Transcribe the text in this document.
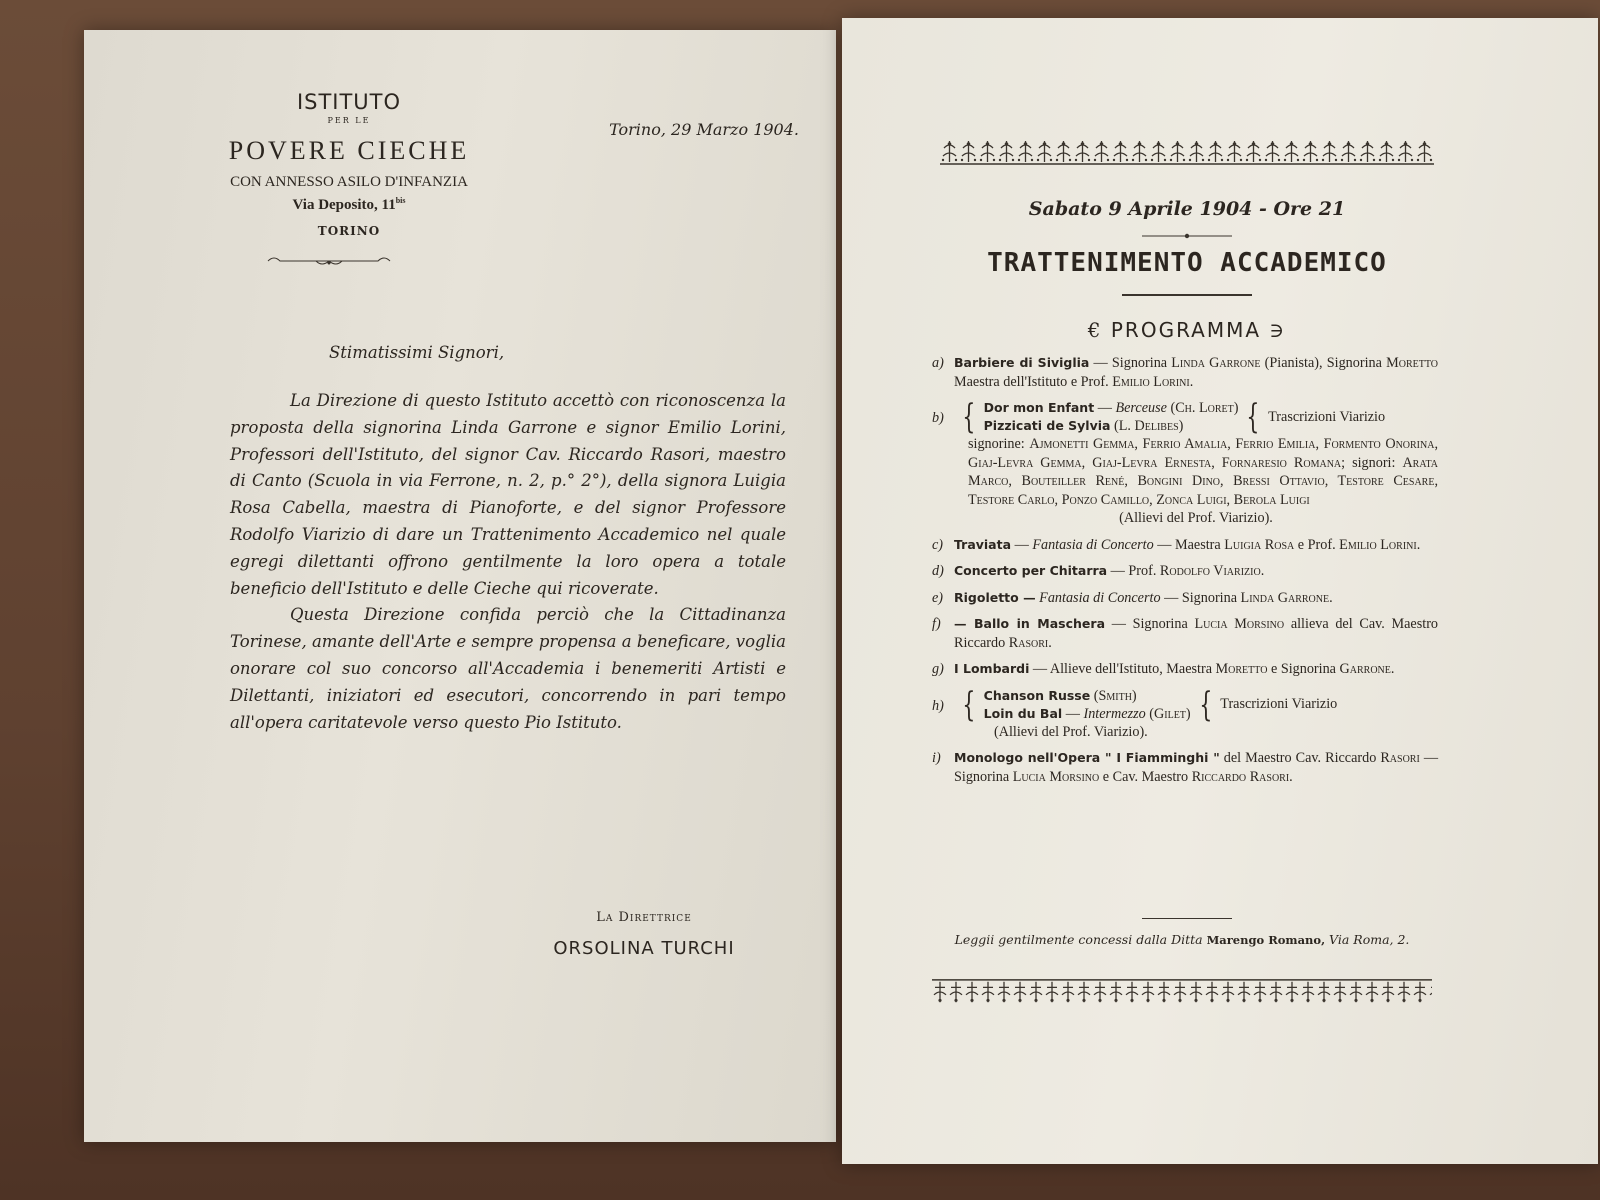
ISTITUTO
PER LE
POVERE CIECHE
CON ANNESSO ASILO D'INFANZIA
Via Deposito, $11^{bis}$
TORINO
Torino, 29 Marzo 1904.
Stimatissimi Signori,

La Direzione di questo Istituto accettò con riconoscenza la proposta della signorina Linda Garrone e signor Emilio Lorini, Professori dell'Istituto, del signor Cav. Riccardo Rasori, maestro di Canto (Scuola in via Ferrone, n. 2, p.° 2°), della signora Luigia Rosa Cabella, maestra di Pianoforte, e del signor Professore Rodolfo Viarizio di dare un Trattenimento Accademico nel quale egregi dilettanti offrono gentilmente la loro opera a totale beneficio dell'Istituto e delle Cieche qui ricoverate.

Questa Direzione confida perciò che la Cittadinanza Torinese, amante dell'Arte e sempre propensa a beneficare, voglia onorare col suo concorso all'Accademia i benemeriti Artisti e Dilettanti, iniziatori ed esecutori, concorrendo in pari tempo all'opera caritatevole verso questo Pio Istituto.

La Direttrice
ORSOLINA TURCHI
Sabato 9 Aprile 1904 - Ore 21
TRATTENIMENTO ACCADEMICO
€ PROGRAMMA ∋
a) Barbiere di Siviglia — Signorina Linda Garrone (Pianista), Signorina Moretto Maestra dell'Istituto e Prof. Emilio Lorini.
b) { Dor mon Enfant — Berceuse (Ch. Loret)
Pizzicati de Sylvia (L. Delibes)	{ Trascrizioni Viarizio
signorine: Ajmonetti Gemma, Ferrio Amalia, Ferrio Emilia, Formento Onorina, Giaj-Levra Gemma, Giaj-Levra Ernesta, Fornaresio Romana; signori: Arata Marco, Bouteiller René, Bongini Dino, Bressi Ottavio, Testore Cesare, Testore Carlo, Ponzo Camillo, Zonca Luigi, Berola Luigi
(Allievi del Prof. Viarizio).
c) Traviata — Fantasia di Concerto — Maestra Luigia Rosa e Prof. Emilio Lorini.
d) Concerto per Chitarra — Prof. Rodolfo Viarizio.
e) Rigoletto — Fantasia di Concerto — Signorina Linda Garrone.
f) — Ballo in Maschera — Signorina Lucia Morsino allieva del Cav. Maestro Riccardo Rasori.
g) I Lombardi — Allieve dell'Istituto, Maestra Moretto e Signorina Garrone.
h) { Chanson Russe (Smith)
Loin du Bal — Intermezzo (Gilet) { Trascrizioni Viarizio
(Allievi del Prof. Viarizio).
i) Monologo nell'Opera " I Fiamminghi " del Maestro Cav. Riccardo Rasori — Signorina Lucia Morsino e Cav. Maestro Riccardo Rasori.
Leggii gentilmente concessi dalla Ditta Marengo Romano, Via Roma, 2.
